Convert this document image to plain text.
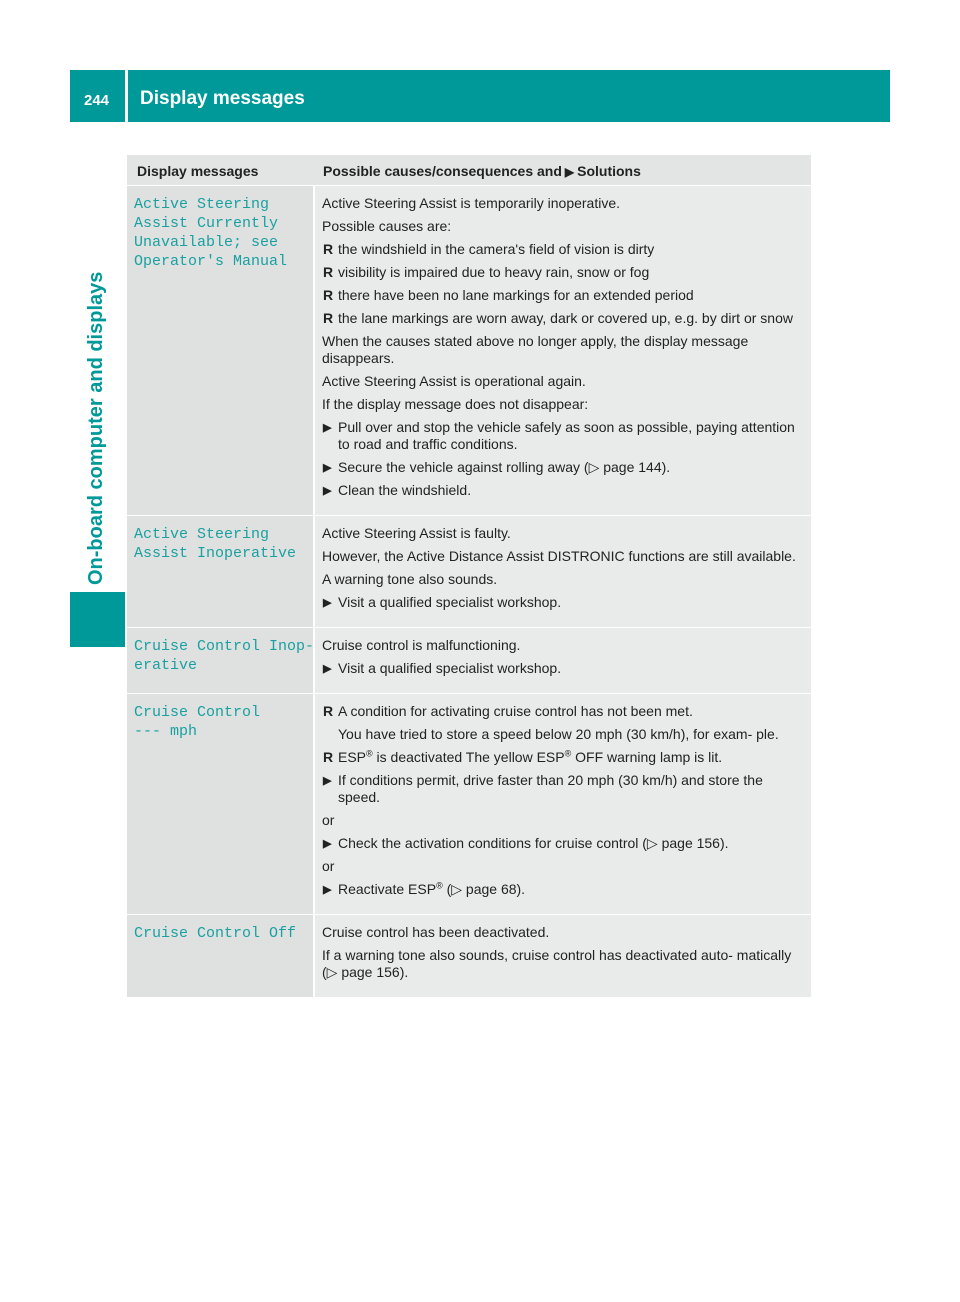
244 Display messages
On-board computer and displays
Display messages	Possible causes/consequences and ▶ Solutions
Active Steering
Assist Currently
Unavailable; see
Operator's Manual
Active Steering Assist is temporarily inoperative.
Possible causes are:
R the windshield in the camera's field of vision is dirty
R visibility is impaired due to heavy rain, snow or fog
R there have been no lane markings for an extended period
R the lane markings are worn away, dark or covered up, e.g. by dirt or snow
When the causes stated above no longer apply, the display message disappears.
Active Steering Assist is operational again.
If the display message does not disappear:
▶ Pull over and stop the vehicle safely as soon as possible, paying attention to road and traffic conditions.
▶ Secure the vehicle against rolling away (▷ page 144).
▶ Clean the windshield.
Active Steering
Assist Inoperative
Active Steering Assist is faulty.
However, the Active Distance Assist DISTRONIC functions are still available.
A warning tone also sounds.
▶ Visit a qualified specialist workshop.
Cruise Control Inop‐
erative
Cruise control is malfunctioning.
▶ Visit a qualified specialist workshop.
Cruise Control
--- mph
R A condition for activating cruise control has not been met.
You have tried to store a speed below 20 mph (30 km/h), for exam‐ ple.
R ESP® is deactivated The yellow ESP® OFF warning lamp is lit.
▶ If conditions permit, drive faster than 20 mph (30 km/h) and store the speed.
or
▶ Check the activation conditions for cruise control (▷ page 156).
or
▶ Reactivate ESP® (▷ page 68).
Cruise Control Off	Cruise control has been deactivated.
If a warning tone also sounds, cruise control has deactivated auto‐ matically (▷ page 156).
